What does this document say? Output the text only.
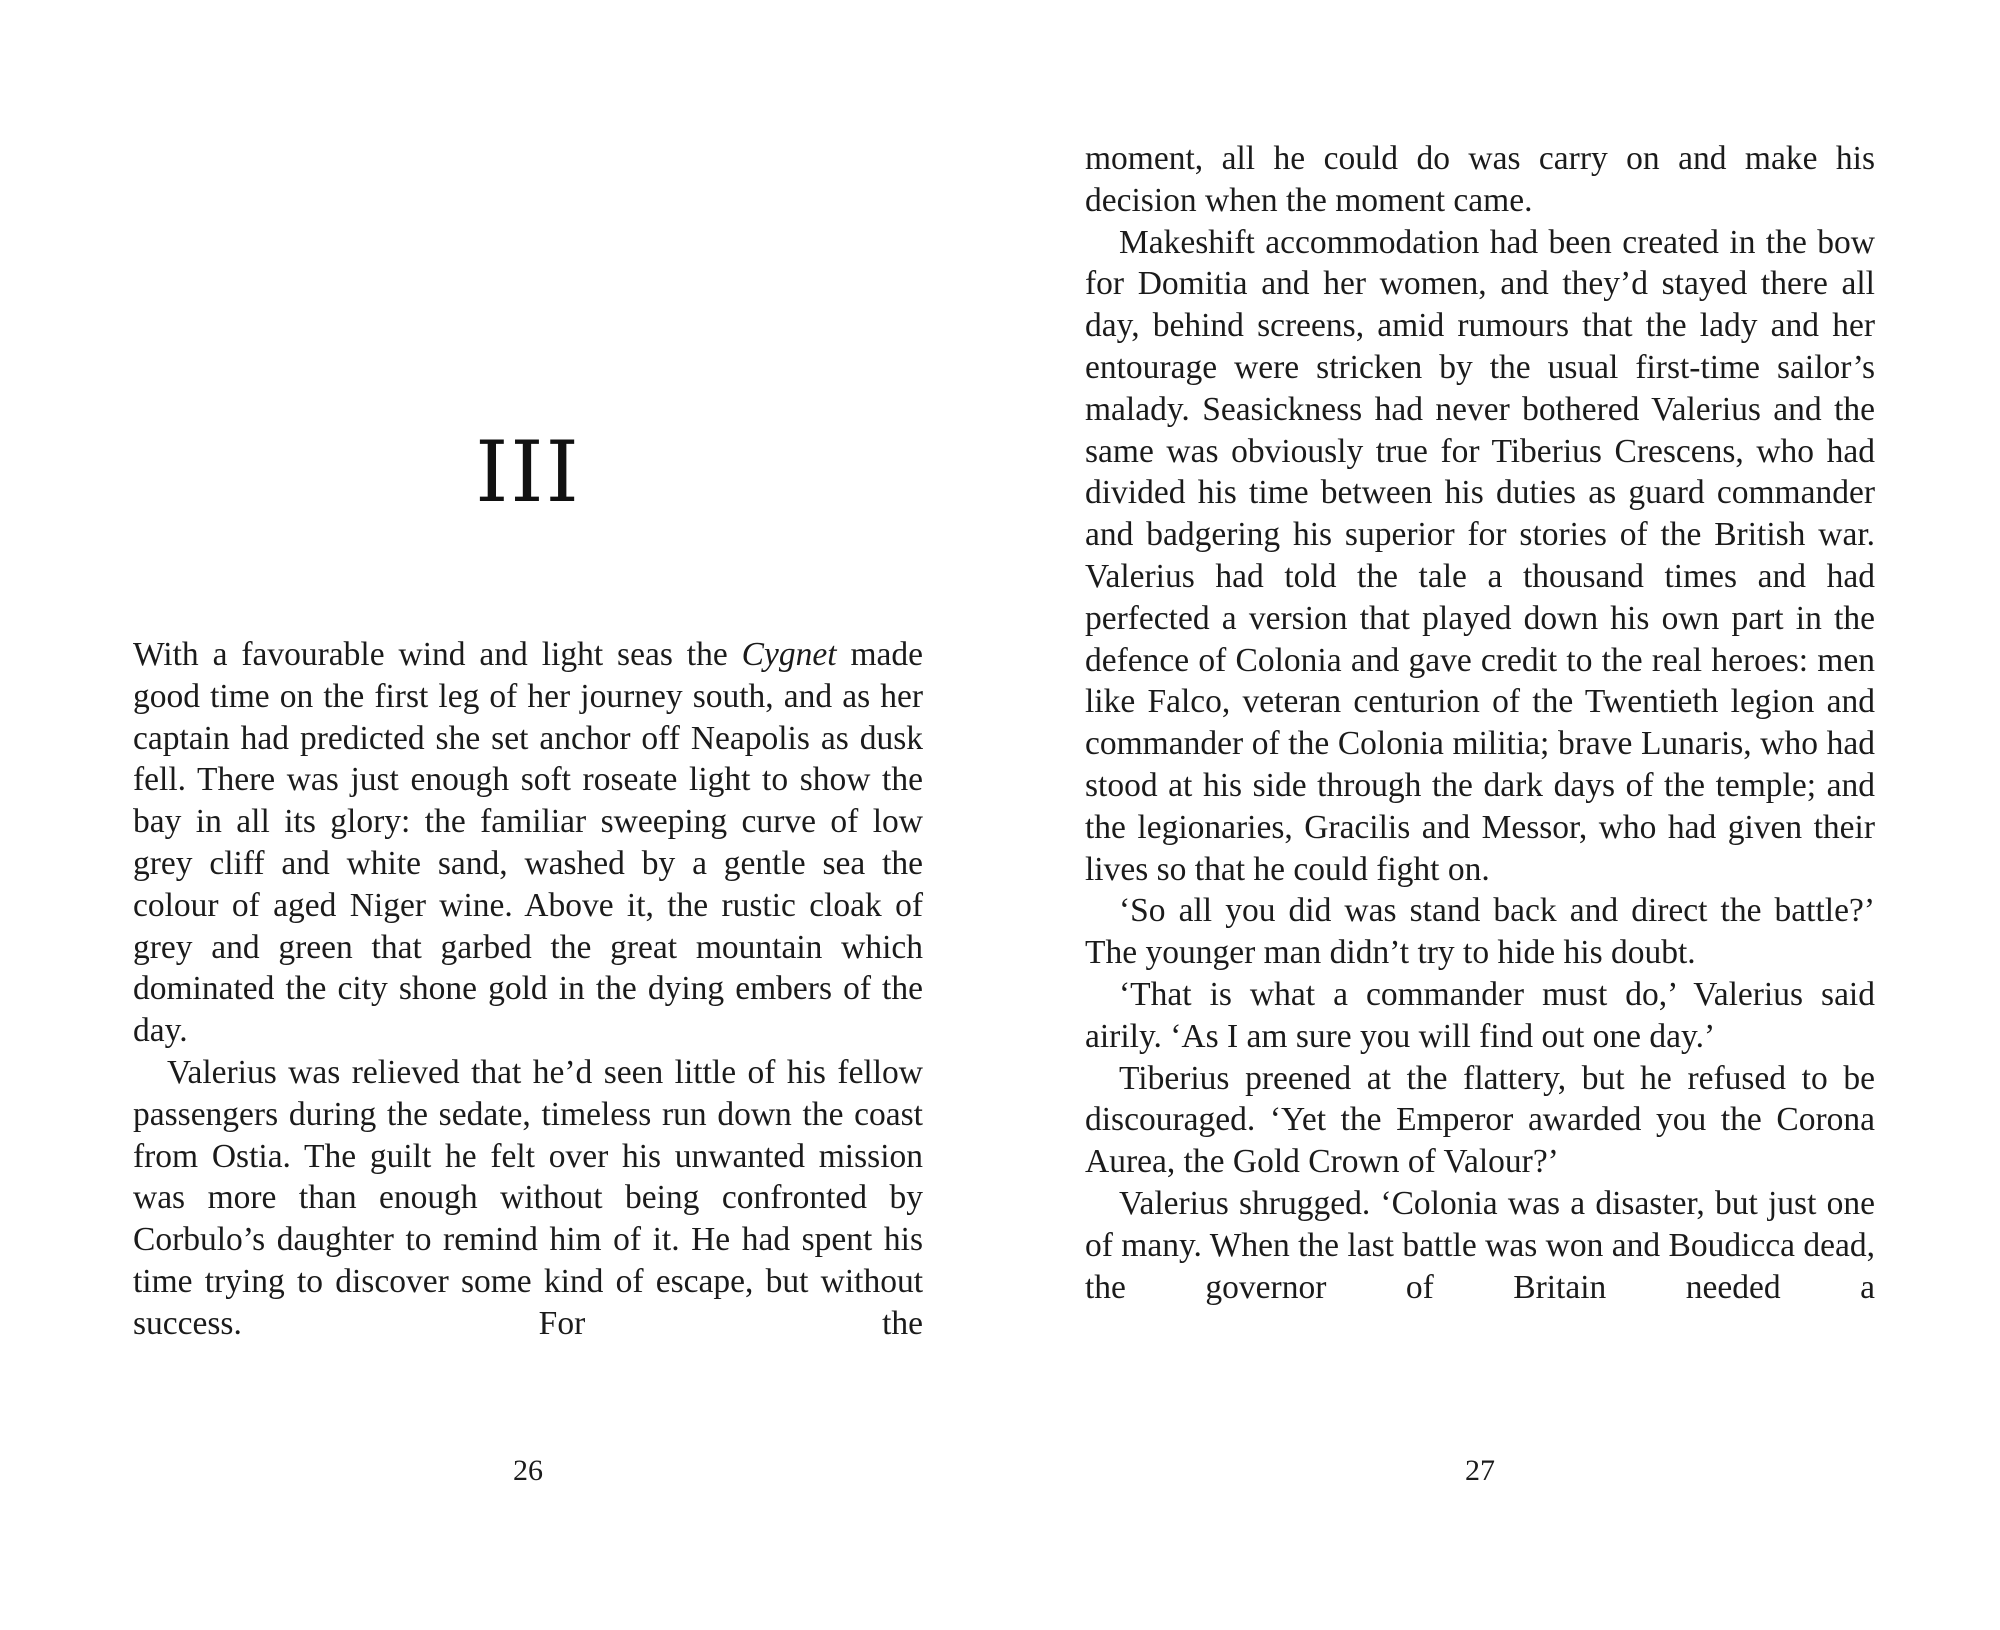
III

With a favourable wind and light seas the Cygnet made good time on the first leg of her journey south, and as her captain had predicted she set anchor off Neapolis as dusk fell. There was just enough soft roseate light to show the bay in all its glory: the familiar sweeping curve of low grey cliff and white sand, washed by a gentle sea the colour of aged Niger wine. Above it, the rustic cloak of grey and green that garbed the great mountain which dominated the city shone gold in the dying embers of the day.

Valerius was relieved that he’d seen little of his fellow passengers during the sedate, timeless run down the coast from Ostia. The guilt he felt over his unwanted mission was more than enough without being confronted by Corbulo’s daughter to remind him of it. He had spent his time trying to discover some kind of escape, but without success. For the

26

moment, all he could do was carry on and make his decision when the moment came.

Makeshift accommodation had been created in the bow for Domitia and her women, and they’d stayed there all day, behind screens, amid rumours that the lady and her entourage were stricken by the usual first-time sailor’s malady. Seasickness had never bothered Valerius and the same was obviously true for Tiberius Crescens, who had divided his time between his duties as guard commander and badgering his superior for stories of the British war. Valerius had told the tale a thousand times and had perfected a version that played down his own part in the defence of Colonia and gave credit to the real heroes: men like Falco, veteran centurion of the Twentieth legion and commander of the Colonia militia; brave Lunaris, who had stood at his side through the dark days of the temple; and the legionaries, Gracilis and Messor, who had given their lives so that he could fight on.

‘So all you did was stand back and direct the battle?’ The younger man didn’t try to hide his doubt.

‘That is what a commander must do,’ Valerius said airily. ‘As I am sure you will find out one day.’

Tiberius preened at the flattery, but he refused to be discouraged. ‘Yet the Emperor awarded you the Corona Aurea, the Gold Crown of Valour?’

Valerius shrugged. ‘Colonia was a disaster, but just one of many. When the last battle was won and Boudicca dead, the governor of Britain needed a

27
